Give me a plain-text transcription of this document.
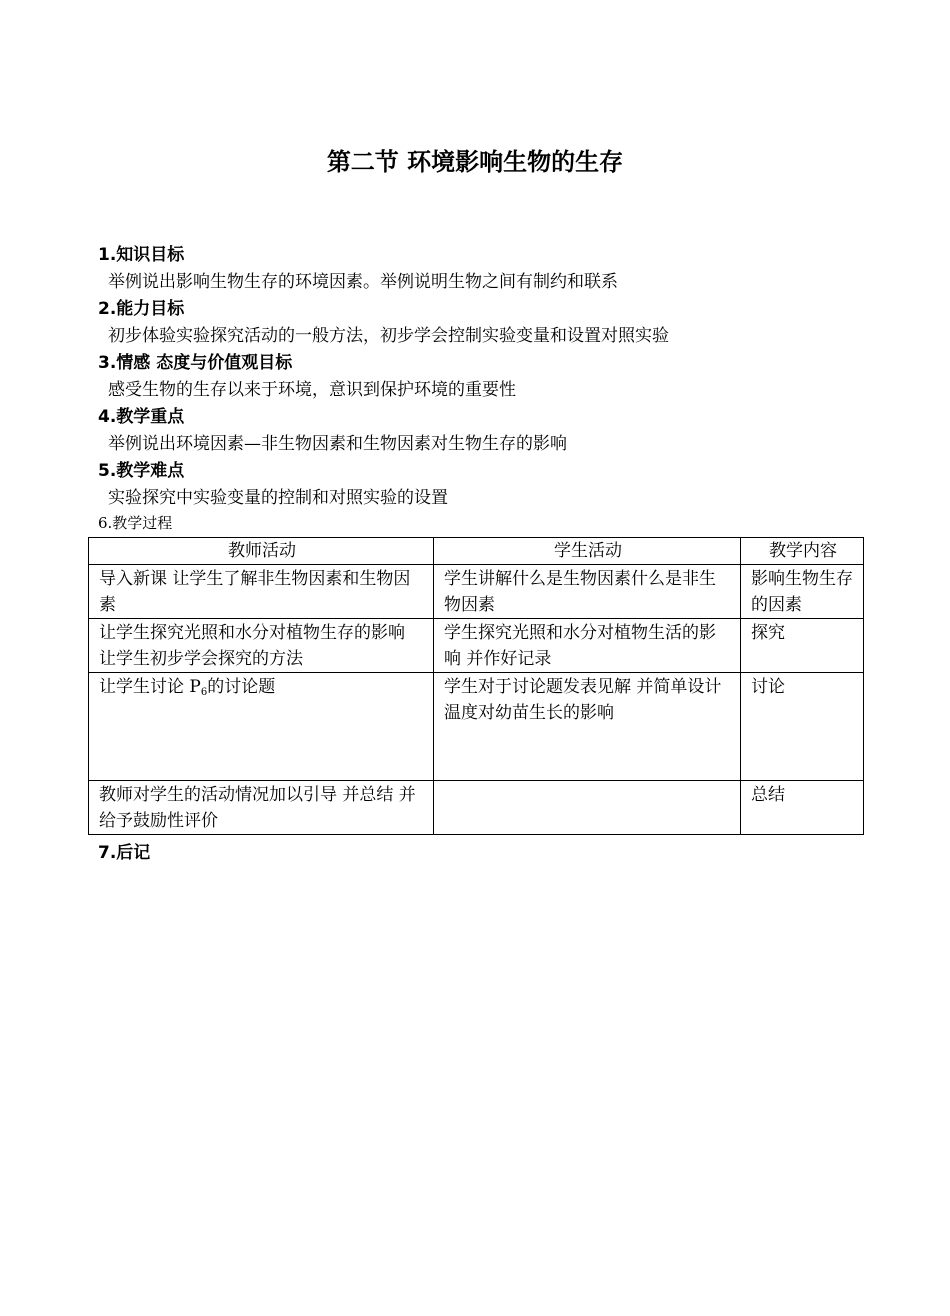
第二节 环境影响生物的生存
1.知识目标
举例说出影响生物生存的环境因素。举例说明生物之间有制约和联系
2.能力目标
初步体验实验探究活动的一般方法，初步学会控制实验变量和设置对照实验
3.情感 态度与价值观目标
感受生物的生存以来于环境，意识到保护环境的重要性
4.教学重点
举例说出环境因素—非生物因素和生物因素对生物生存的影响
5.教学难点
实验探究中实验变量的控制和对照实验的设置
6.教学过程
教师活动	学生活动	教学内容
导入新课 让学生了解非生物因素和生物因素	学生讲解什么是生物因素什么是非生物因素	影响生物生存的因素
让学生探究光照和水分对植物生存的影响 让学生初步学会探究的方法	学生探究光照和水分对植物生活的影响 并作好记录	探究
让学生讨论 $P_6$的讨论题	学生对于讨论题发表见解 并简单设计 温度对幼苗生长的影响	讨论
教师对学生的活动情况加以引导 并总结 并给予鼓励性评价		总结
7.后记
